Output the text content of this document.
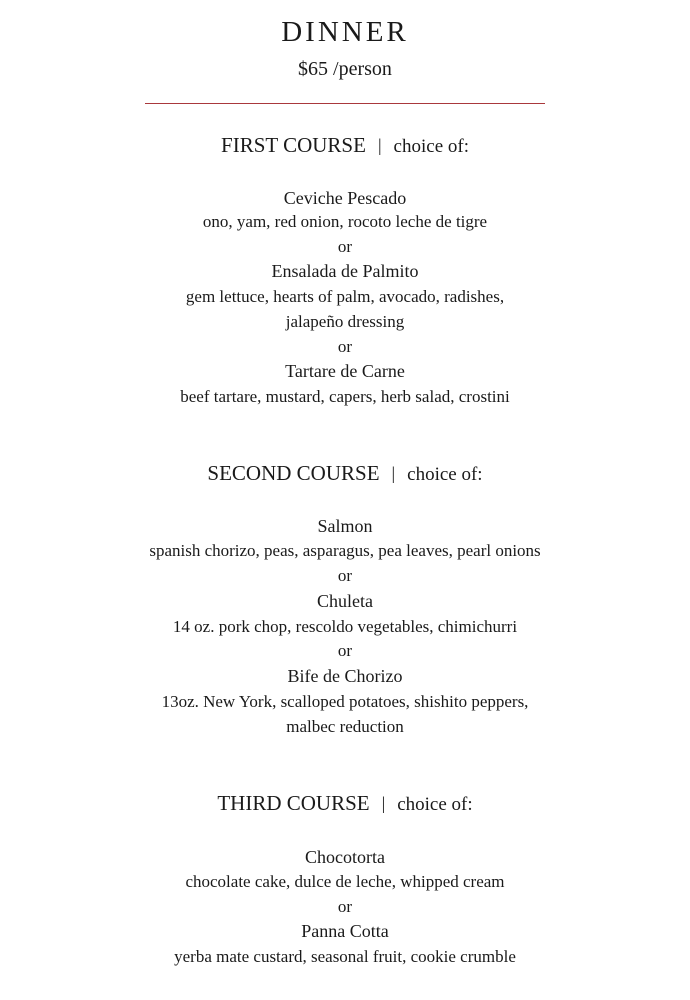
DINNER
$65 /person
FIRST COURSE | choice of:
Ceviche Pescado
ono, yam, red onion, rocoto leche de tigre
or
Ensalada de Palmito
gem lettuce, hearts of palm, avocado, radishes,
jalapeño dressing
or
Tartare de Carne
beef tartare, mustard, capers, herb salad, crostini
SECOND COURSE | choice of:
Salmon
spanish chorizo, peas, asparagus, pea leaves, pearl onions
or
Chuleta
14 oz. pork chop, rescoldo vegetables, chimichurri
or
Bife de Chorizo
13oz. New York, scalloped potatoes, shishito peppers,
malbec reduction
THIRD COURSE | choice of:
Chocotorta
chocolate cake, dulce de leche, whipped cream
or
Panna Cotta
yerba mate custard, seasonal fruit, cookie crumble
